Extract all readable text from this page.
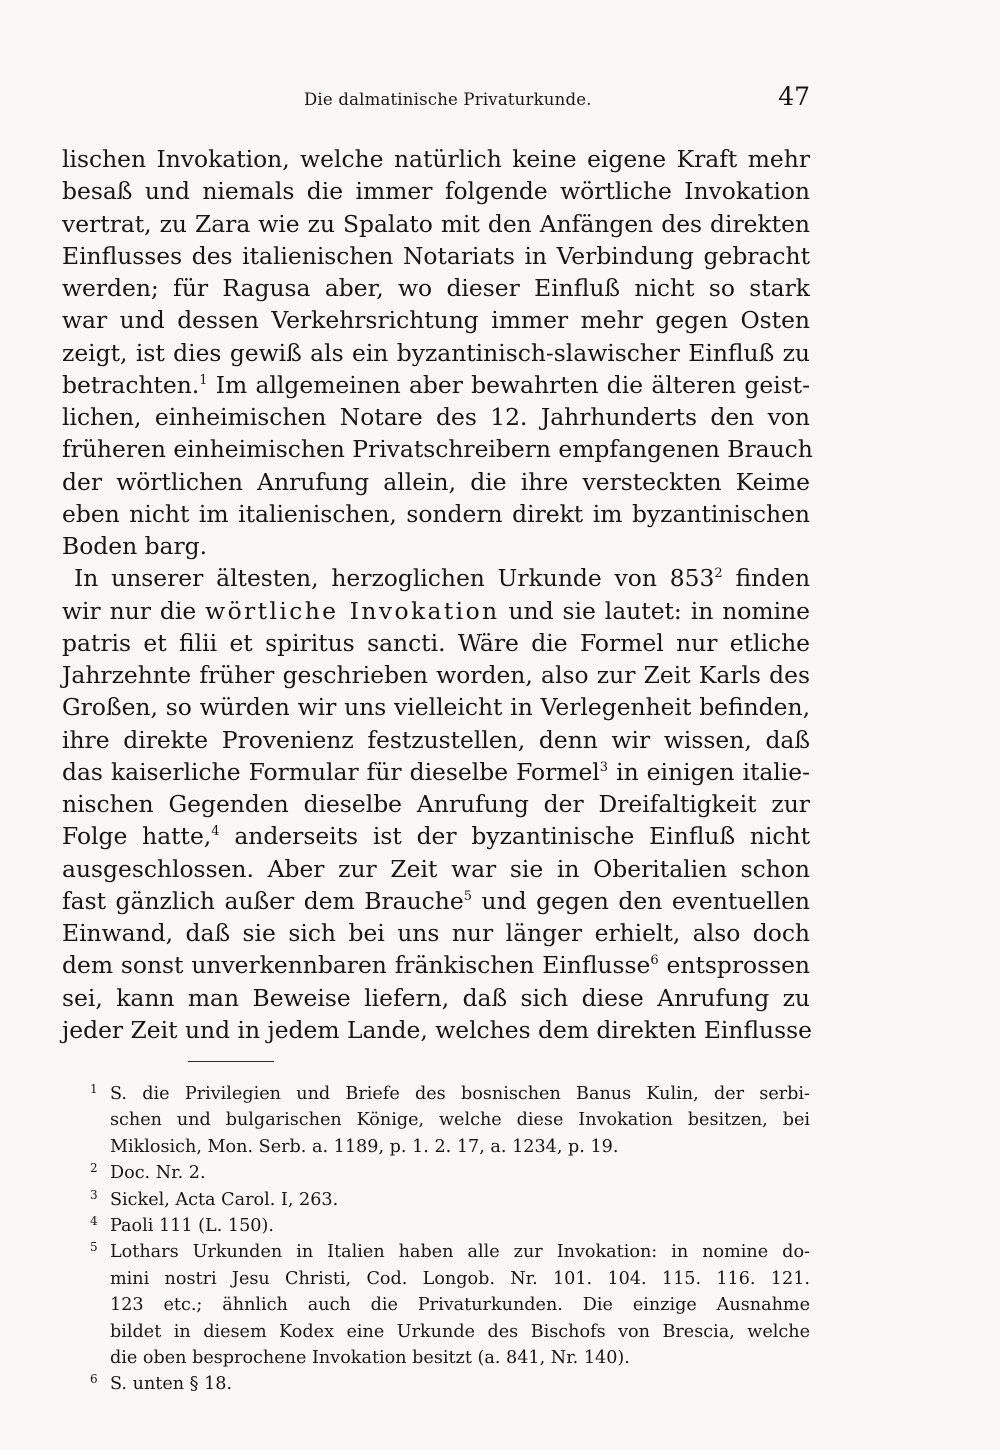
Die dalmatinische Privaturkunde.	47
lischen Invokation, welche natürlich keine eigene Kraft mehr
besaß und niemals die immer folgende wörtliche Invokation
vertrat, zu Zara wie zu Spalato mit den Anfängen des direkten
Einflusses des italienischen Notariats in Verbindung gebracht
werden; für Ragusa aber, wo dieser Einfluß nicht so stark
war und dessen Verkehrsrichtung immer mehr gegen Osten
zeigt, ist dies gewiß als ein byzantinisch-slawischer Einfluß zu
betrachten.$^1$ Im allgemeinen aber bewahrten die älteren geist-
lichen, einheimischen Notare des 12. Jahrhunderts den von
früheren einheimischen Privatschreibern empfangenen Brauch
der wörtlichen Anrufung allein, die ihre versteckten Keime
eben nicht im italienischen, sondern direkt im byzantinischen
Boden barg.
In unserer ältesten, herzoglichen Urkunde von $853^2$ finden
wir nur die wörtliche Invokation und sie lautet: in nomine
patris et filii et spiritus sancti. Wäre die Formel nur etliche
Jahrzehnte früher geschrieben worden, also zur Zeit Karls des
Großen, so würden wir uns vielleicht in Verlegenheit befinden,
ihre direkte Provenienz festzustellen, denn wir wissen, daß
das kaiserliche Formular für dieselbe Formel$^3$ in einigen italie-
nischen Gegenden dieselbe Anrufung der Dreifaltigkeit zur
Folge hatte,$^4$ anderseits ist der byzantinische Einfluß nicht
ausgeschlossen. Aber zur Zeit war sie in Oberitalien schon
fast gänzlich außer dem Brauche$^5$ und gegen den eventuellen
Einwand, daß sie sich bei uns nur länger erhielt, also doch
dem sonst unverkennbaren fränkischen Einflusse$^6$ entsprossen
sei, kann man Beweise liefern, daß sich diese Anrufung zu
jeder Zeit und in jedem Lande, welches dem direkten Einflusse
1 S. die Privilegien und Briefe des bosnischen Banus Kulin, der serbi-
schen und bulgarischen Könige, welche diese Invokation besitzen, bei
Miklosich, Mon. Serb. a. 1189, p. 1. 2. 17, a. 1234, p. 19.
2 Doc. Nr. 2.
3 Sickel, Acta Carol. I, 263.
4 Paoli 111 (L. 150).
5 Lothars Urkunden in Italien haben alle zur Invokation: in nomine do-
mini nostri Jesu Christi, Cod. Longob. Nr. 101. 104. 115. 116. 121.
123 etc.; ähnlich auch die Privaturkunden. Die einzige Ausnahme
bildet in diesem Kodex eine Urkunde des Bischofs von Brescia, welche
die oben besprochene Invokation besitzt (a. 841, Nr. 140).
6 S. unten § 18.
